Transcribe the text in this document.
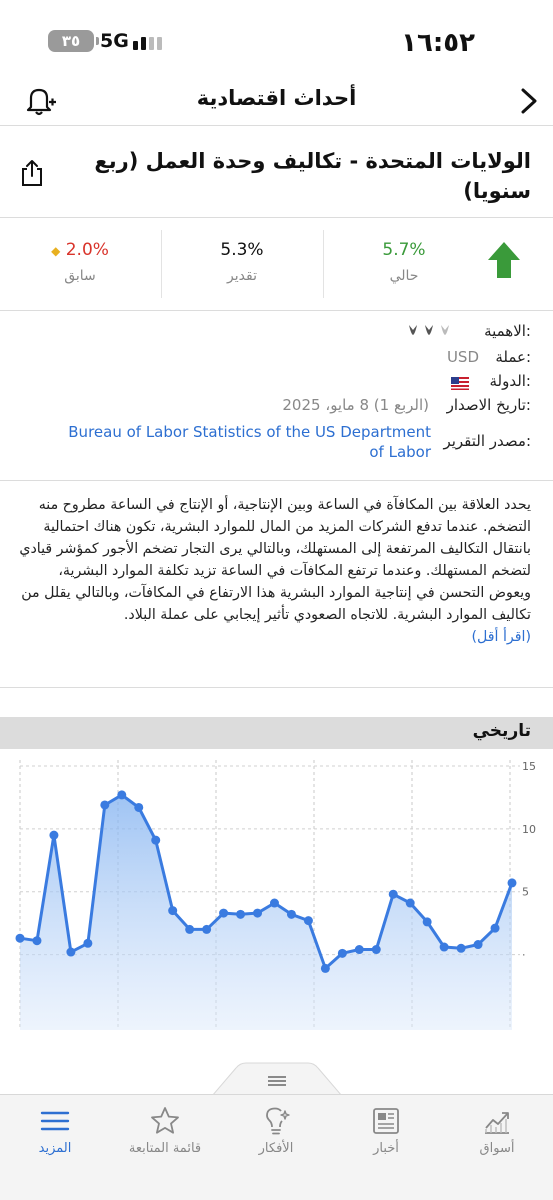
١٦:٥٢
٣٥	5G
أحداث اقتصادية
الولايات المتحدة - تكاليف وحدة العمل (ربع سنويا)
◆ 2.0%
سابق
5.3%
تقدير
5.7%
حالي
:الاهمية
:عملة
USD
:الدولة
:تاريخ الاصدار
(الربع 1) 8 مايو، 2025
:مصدر التقرير
Bureau of Labor Statistics of the US Department
of Labor
يحدد العلاقة بين المكافآة في الساعة وبين الإنتاجية، أو الإنتاج في الساعة مطروح منه التضخم. عندما تدفع الشركات المزيد من المال للموارد البشرية، تكون هناك احتمالية بانتقال التكاليف المرتفعة إلى المستهلك، وبالتالي يرى التجار تضخم الأجور كمؤشر قيادي لتضخم المستهلك. وعندما ترتفع المكافآت في الساعة تزيد تكلفة الموارد البشرية، ويعوض التحسن في إنتاجية الموارد البشرية هذا الارتفاع في المكافآت، وبالتالي يقلل من تكاليف الموارد البشرية. للاتجاه الصعودي تأثير إيجابي على عملة البلاد.
(اقرأ أقل)
تاريخي
·
5
10
15
المزيد	قائمة المتابعة	الأفكار	أخبار	أسواق
